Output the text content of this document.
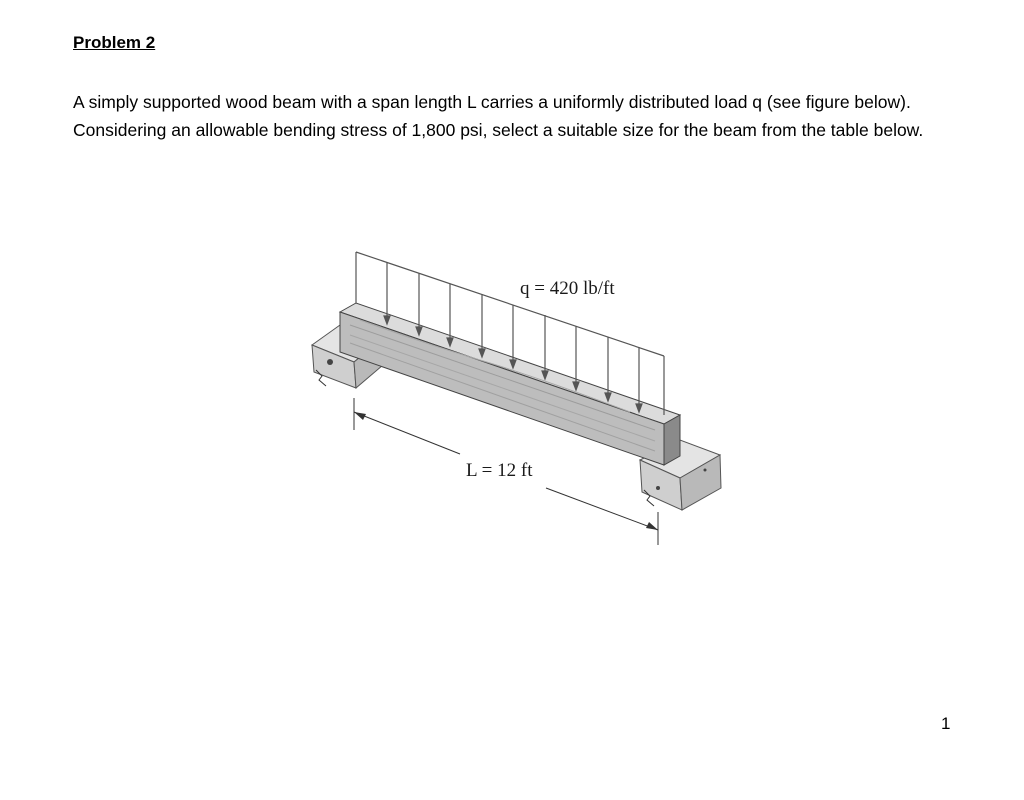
Problem 2
A simply supported wood beam with a span length L carries a uniformly distributed load q (see figure below). Considering an allowable bending stress of 1,800 psi, select a suitable size for the beam from the table below.
q = 420 lb/ft
L = 12 ft
1
